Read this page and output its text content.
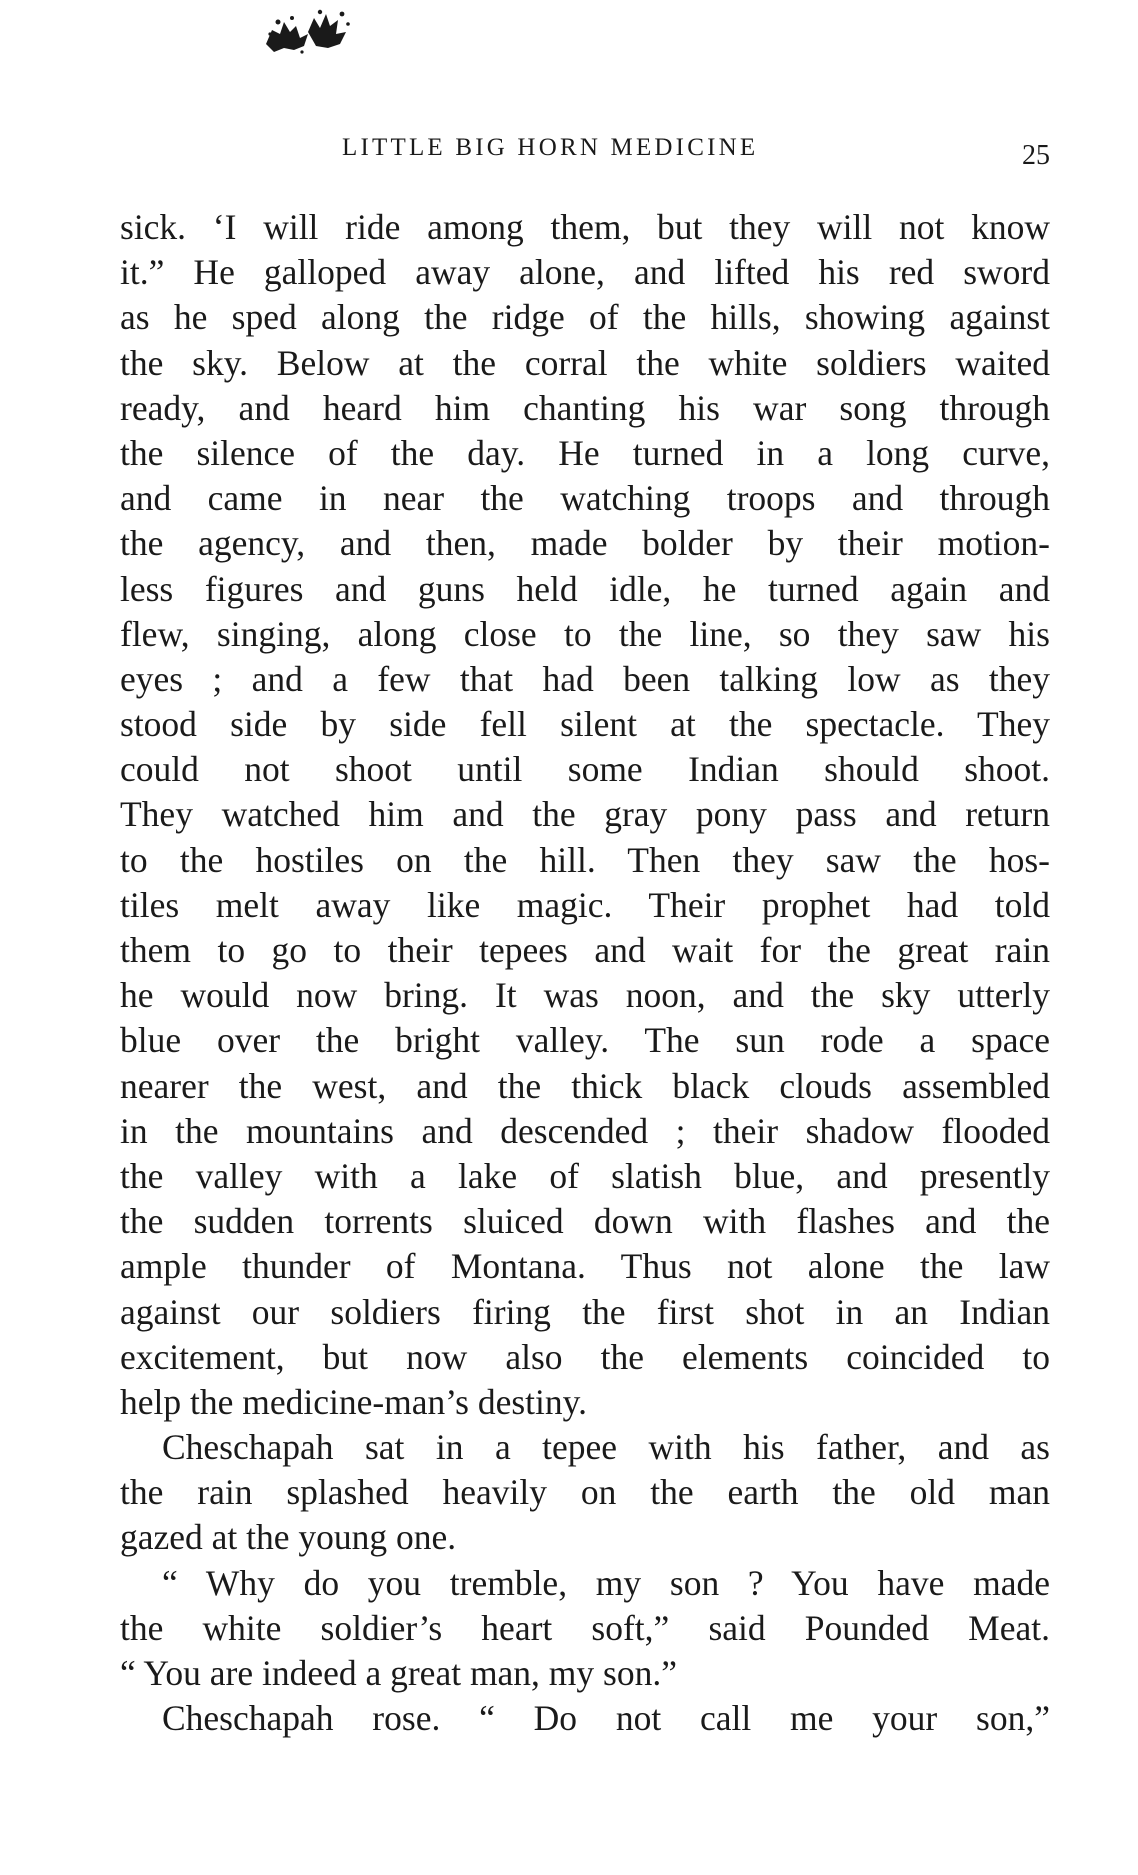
LITTLE BIG HORN MEDICINE	25
sick. ‘I will ride among them, but they will not know
it.” He galloped away alone, and lifted his red sword
as he sped along the ridge of the hills, showing against
the sky. Below at the corral the white soldiers waited
ready, and heard him chanting his war song through
the silence of the day. He turned in a long curve,
and came in near the watching troops and through
the agency, and then, made bolder by their motion-
less figures and guns held idle, he turned again and
flew, singing, along close to the line, so they saw his
eyes ; and a few that had been talking low as they
stood side by side fell silent at the spectacle. They
could not shoot until some Indian should shoot.
They watched him and the gray pony pass and return
to the hostiles on the hill. Then they saw the hos-
tiles melt away like magic. Their prophet had told
them to go to their tepees and wait for the great rain
he would now bring. It was noon, and the sky utterly
blue over the bright valley. The sun rode a space
nearer the west, and the thick black clouds assembled
in the mountains and descended ; their shadow flooded
the valley with a lake of slatish blue, and presently
the sudden torrents sluiced down with flashes and the
ample thunder of Montana. Thus not alone the law
against our soldiers firing the first shot in an Indian
excitement, but now also the elements coincided to
help the medicine-man’s destiny.
Cheschapah sat in a tepee with his father, and as
the rain splashed heavily on the earth the old man
gazed at the young one.
“ Why do you tremble, my son ? You have made
the white soldier’s heart soft,” said Pounded Meat.
“ You are indeed a great man, my son.”
Cheschapah rose. “ Do not call me your son,”
